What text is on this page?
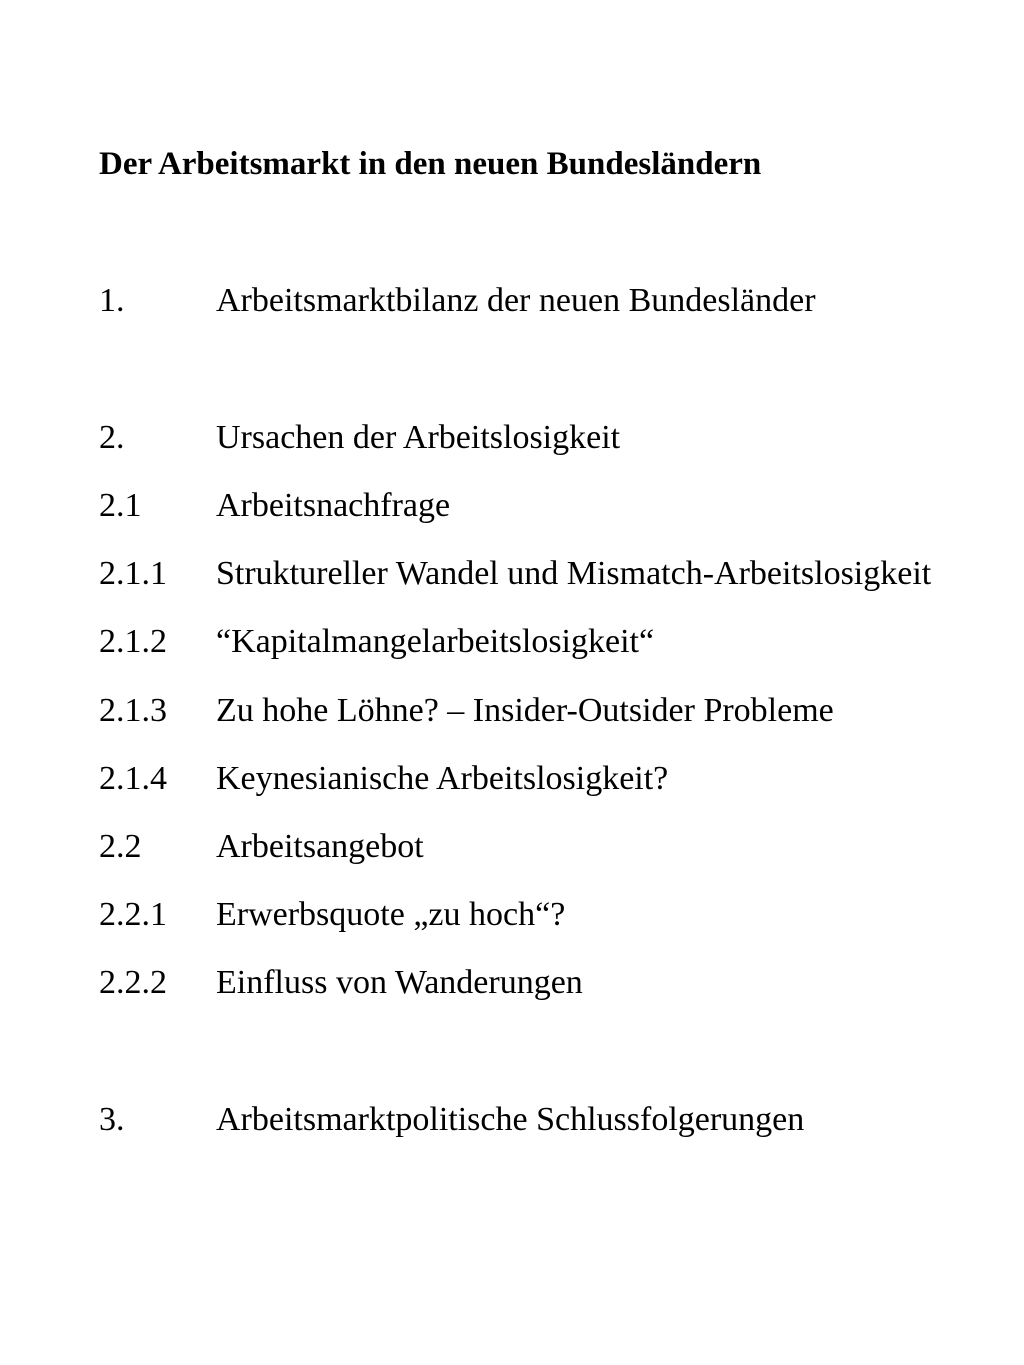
Der Arbeitsmarkt in den neuen Bundesländern
1.	Arbeitsmarktbilanz der neuen Bundesländer
2.	Ursachen der Arbeitslosigkeit
2.1 Arbeitsnachfrage
2.1.1 Struktureller Wandel und Mismatch-Arbeitslosigkeit
2.1.2 “Kapitalmangelarbeitslosigkeit“
2.1.3 Zu hohe Löhne? – Insider-Outsider Probleme
2.1.4 Keynesianische Arbeitslosigkeit?
2.2 Arbeitsangebot
2.2.1 Erwerbsquote „zu hoch“?
2.2.2 Einfluss von Wanderungen
3.	Arbeitsmarktpolitische Schlussfolgerungen
